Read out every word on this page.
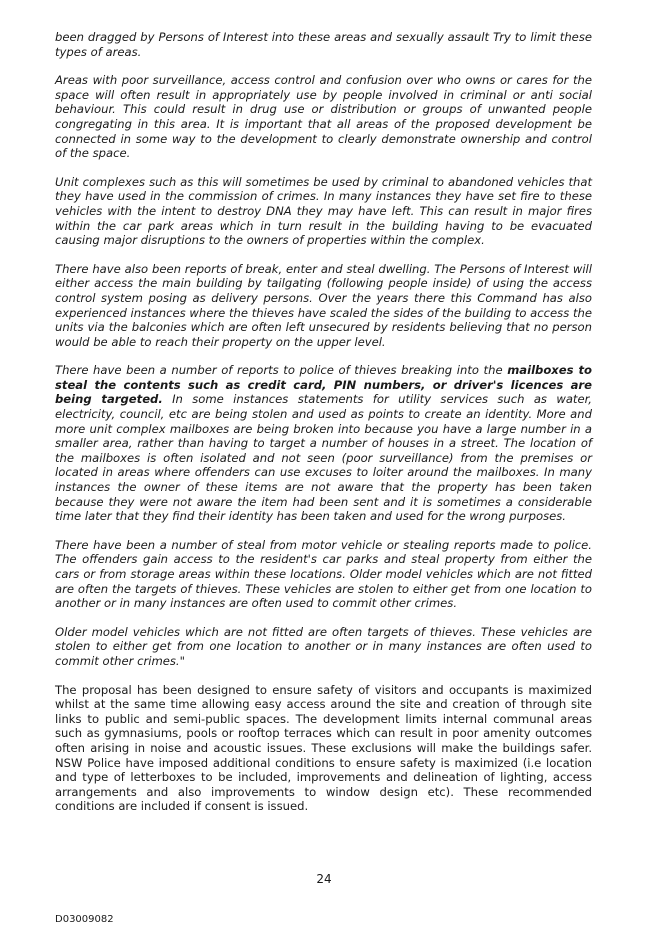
been dragged by Persons of Interest into these areas and sexually assault Try to limit these types of areas.

Areas with poor surveillance, access control and confusion over who owns or cares for the space will often result in appropriately use by people involved in criminal or anti social behaviour. This could result in drug use or distribution or groups of unwanted people congregating in this area. It is important that all areas of the proposed development be connected in some way to the development to clearly demonstrate ownership and control of the space.

Unit complexes such as this will sometimes be used by criminal to abandoned vehicles that they have used in the commission of crimes. In many instances they have set fire to these vehicles with the intent to destroy DNA they may have left. This can result in major fires within the car park areas which in turn result in the building having to be evacuated causing major disruptions to the owners of properties within the complex.

There have also been reports of break, enter and steal dwelling. The Persons of Interest will either access the main building by tailgating (following people inside) of using the access control system posing as delivery persons. Over the years there this Command has also experienced instances where the thieves have scaled the sides of the building to access the units via the balconies which are often left unsecured by residents believing that no person would be able to reach their property on the upper level.

There have been a number of reports to police of thieves breaking into the mailboxes to steal the contents such as credit card, PIN numbers, or driver's licences are being targeted. In some instances statements for utility services such as water, electricity, council, etc are being stolen and used as points to create an identity. More and more unit complex mailboxes are being broken into because you have a large number in a smaller area, rather than having to target a number of houses in a street. The location of the mailboxes is often isolated and not seen (poor surveillance) from the premises or located in areas where offenders can use excuses to loiter around the mailboxes. In many instances the owner of these items are not aware that the property has been taken because they were not aware the item had been sent and it is sometimes a considerable time later that they find their identity has been taken and used for the wrong purposes.

There have been a number of steal from motor vehicle or stealing reports made to police. The offenders gain access to the resident's car parks and steal property from either the cars or from storage areas within these locations. Older model vehicles which are not fitted are often the targets of thieves. These vehicles are stolen to either get from one location to another or in many instances are often used to commit other crimes.

Older model vehicles which are not fitted are often targets of thieves. These vehicles are stolen to either get from one location to another or in many instances are often used to commit other crimes."

The proposal has been designed to ensure safety of visitors and occupants is maximized whilst at the same time allowing easy access around the site and creation of through site links to public and semi-public spaces. The development limits internal communal areas such as gymnasiums, pools or rooftop terraces which can result in poor amenity outcomes often arising in noise and acoustic issues. These exclusions will make the buildings safer. NSW Police have imposed additional conditions to ensure safety is maximized (i.e location and type of letterboxes to be included, improvements and delineation of lighting, access arrangements and also improvements to window design etc). These recommended conditions are included if consent is issued.

24
D03009082
